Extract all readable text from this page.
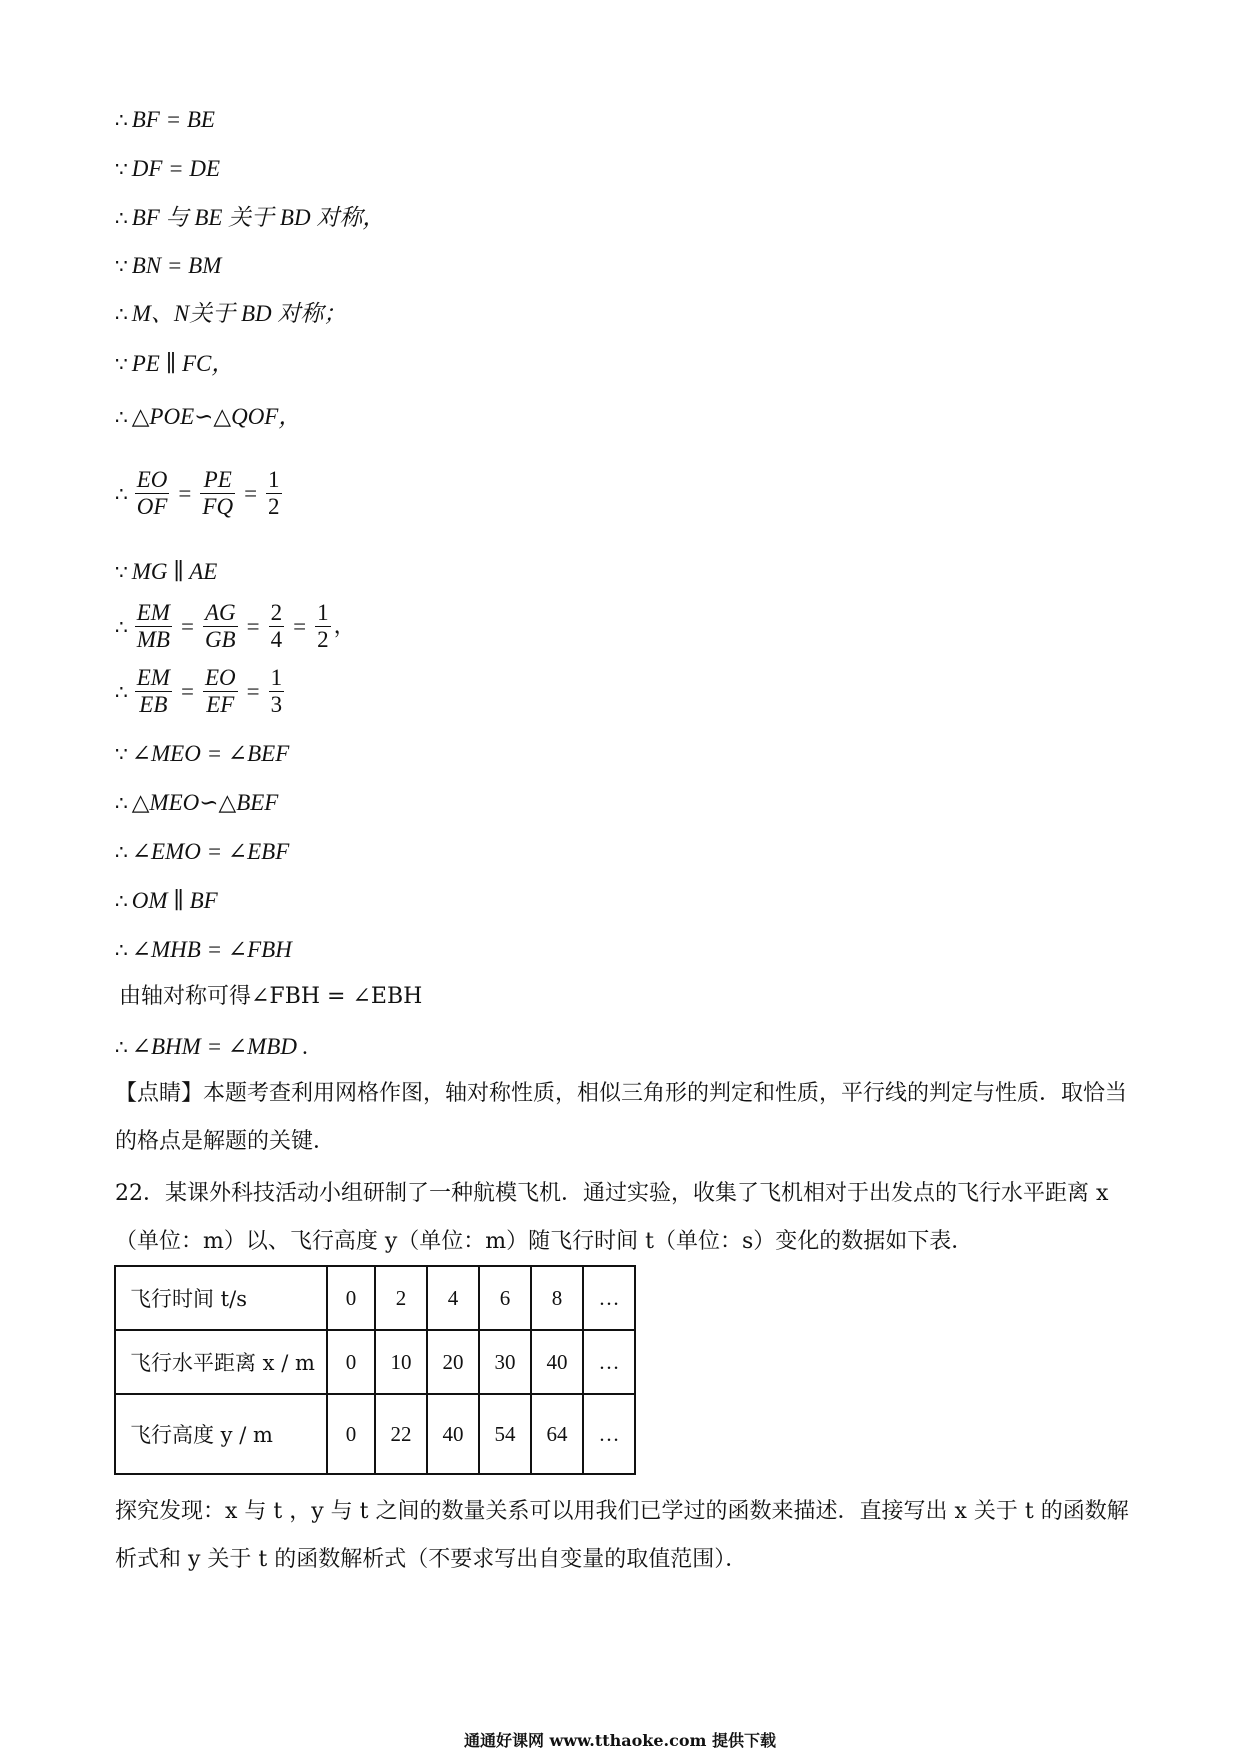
∴ BF = BE
∵ DF = DE
∴ BF 与 BE 关于 BD 对称，
∵ BN = BM
∴ M、N关于 BD 对称；
∵ PE ∥ FC，
∴ △POE∽△QOF，
∴ $\frac{EO}{OF} = \frac{PE}{FQ} = \frac{1}{2}$
∵ MG ∥ AE
∴ $\frac{EM}{MB} = \frac{AG}{GB} = \frac{2}{4} = \frac{1}{2}$ ，
∴ $\frac{EM}{EB} = \frac{EO}{EF} = \frac{1}{3}$
∵ ∠MEO = ∠BEF
∴ △MEO∽△BEF
∴ ∠EMO = ∠EBF
∴ OM ∥ BF
∴ ∠MHB = ∠FBH
由轴对称可得∠FBH = ∠EBH
∴ ∠BHM = ∠MBD .
【点睛】本题考查利用网格作图，轴对称性质，相似三角形的判定和性质，平行线的判定与性质．取恰当的格点是解题的关键．
22．某课外科技活动小组研制了一种航模飞机．通过实验，收集了飞机相对于出发点的飞行水平距离 x（单位：m）以、飞行高度 y（单位：m）随飞行时间 t（单位：s）变化的数据如下表．
飞行时间 t/s	0	2	4	6	8	…
飞行水平距离 x / m	0	10	20	30	40	…
飞行高度 y / m	0	22	40	54	64	…
探究发现：x 与 t ，y 与 t 之间的数量关系可以用我们已学过的函数来描述．直接写出 x 关于 t 的函数解析式和 y 关于 t 的函数解析式（不要求写出自变量的取值范围）．
通通好课网 www.tthaoke.com 提供下载
